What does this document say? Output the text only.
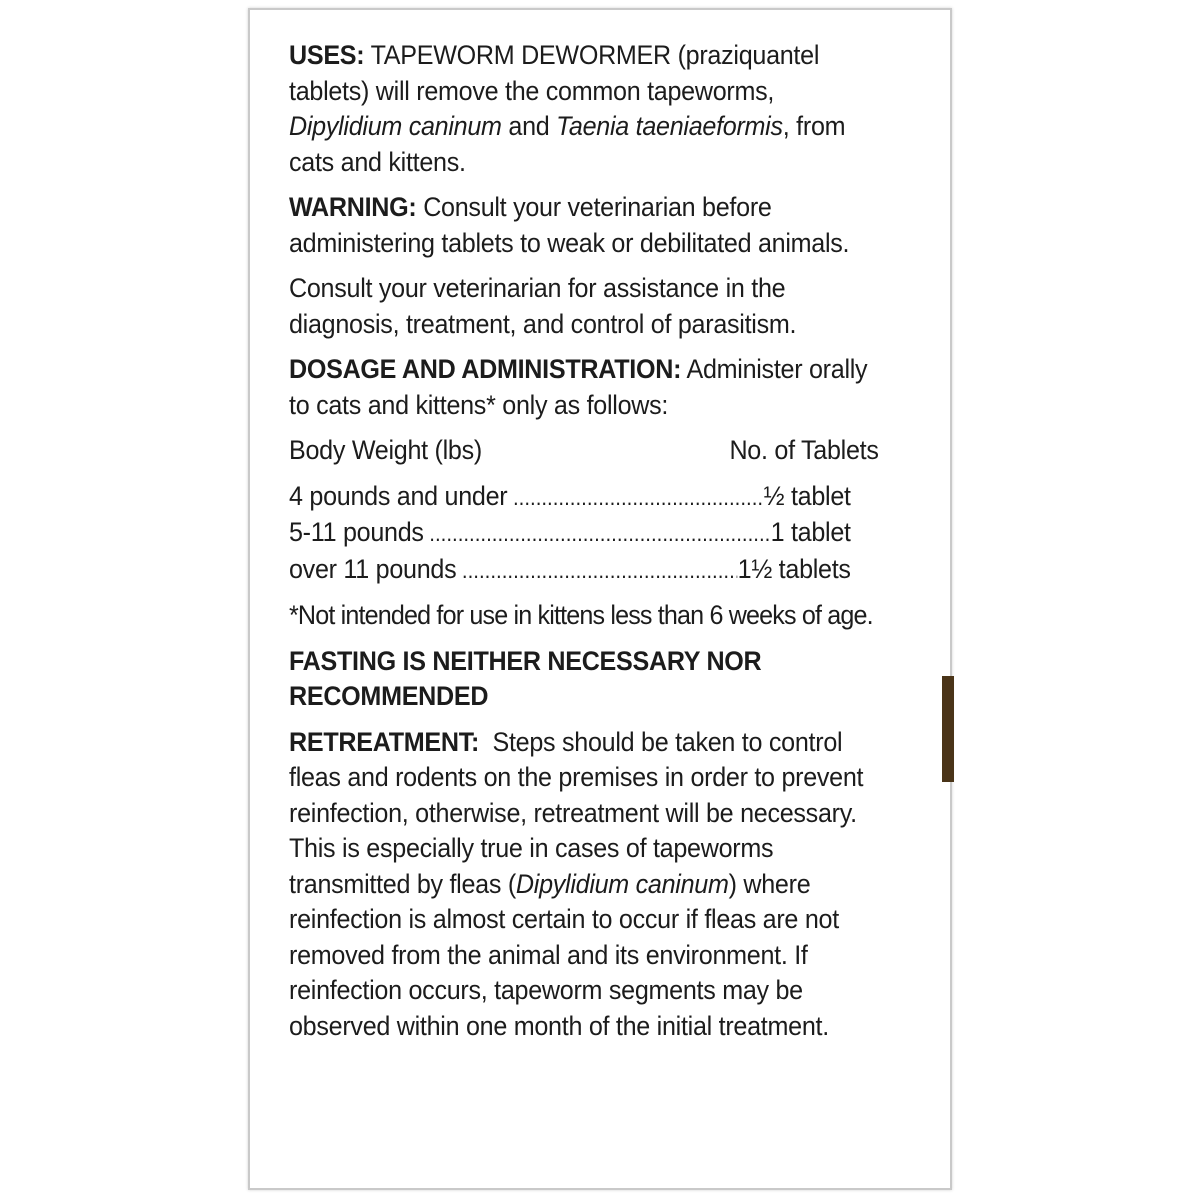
USES: TAPEWORM DEWORMER (praziquantel tablets) will remove the common tapeworms, Dipylidium caninum and Taenia taeniaeformis, from cats and kittens.

WARNING: Consult your veterinarian before administering tablets to weak or debilitated animals.

Consult your veterinarian for assistance in the diagnosis, treatment, and control of parasitism.

DOSAGE AND ADMINISTRATION: Administer orally to cats and kittens* only as follows:

Body Weight (lbs)	No. of Tablets
4 pounds and under .....	½ tablet
5-11 pounds .....	1 tablet
over 11 pounds .....	1½ tablets

*Not intended for use in kittens less than 6 weeks of age.

FASTING IS NEITHER NECESSARY NOR RECOMMENDED

RETREATMENT:  Steps should be taken to control fleas and rodents on the premises in order to prevent reinfection, otherwise, retreatment will be necessary. This is especially true in cases of tapeworms transmitted by fleas (Dipylidium caninum) where reinfection is almost certain to occur if fleas are not removed from the animal and its environment. If reinfection occurs, tapeworm segments may be observed within one month of the initial treatment.
